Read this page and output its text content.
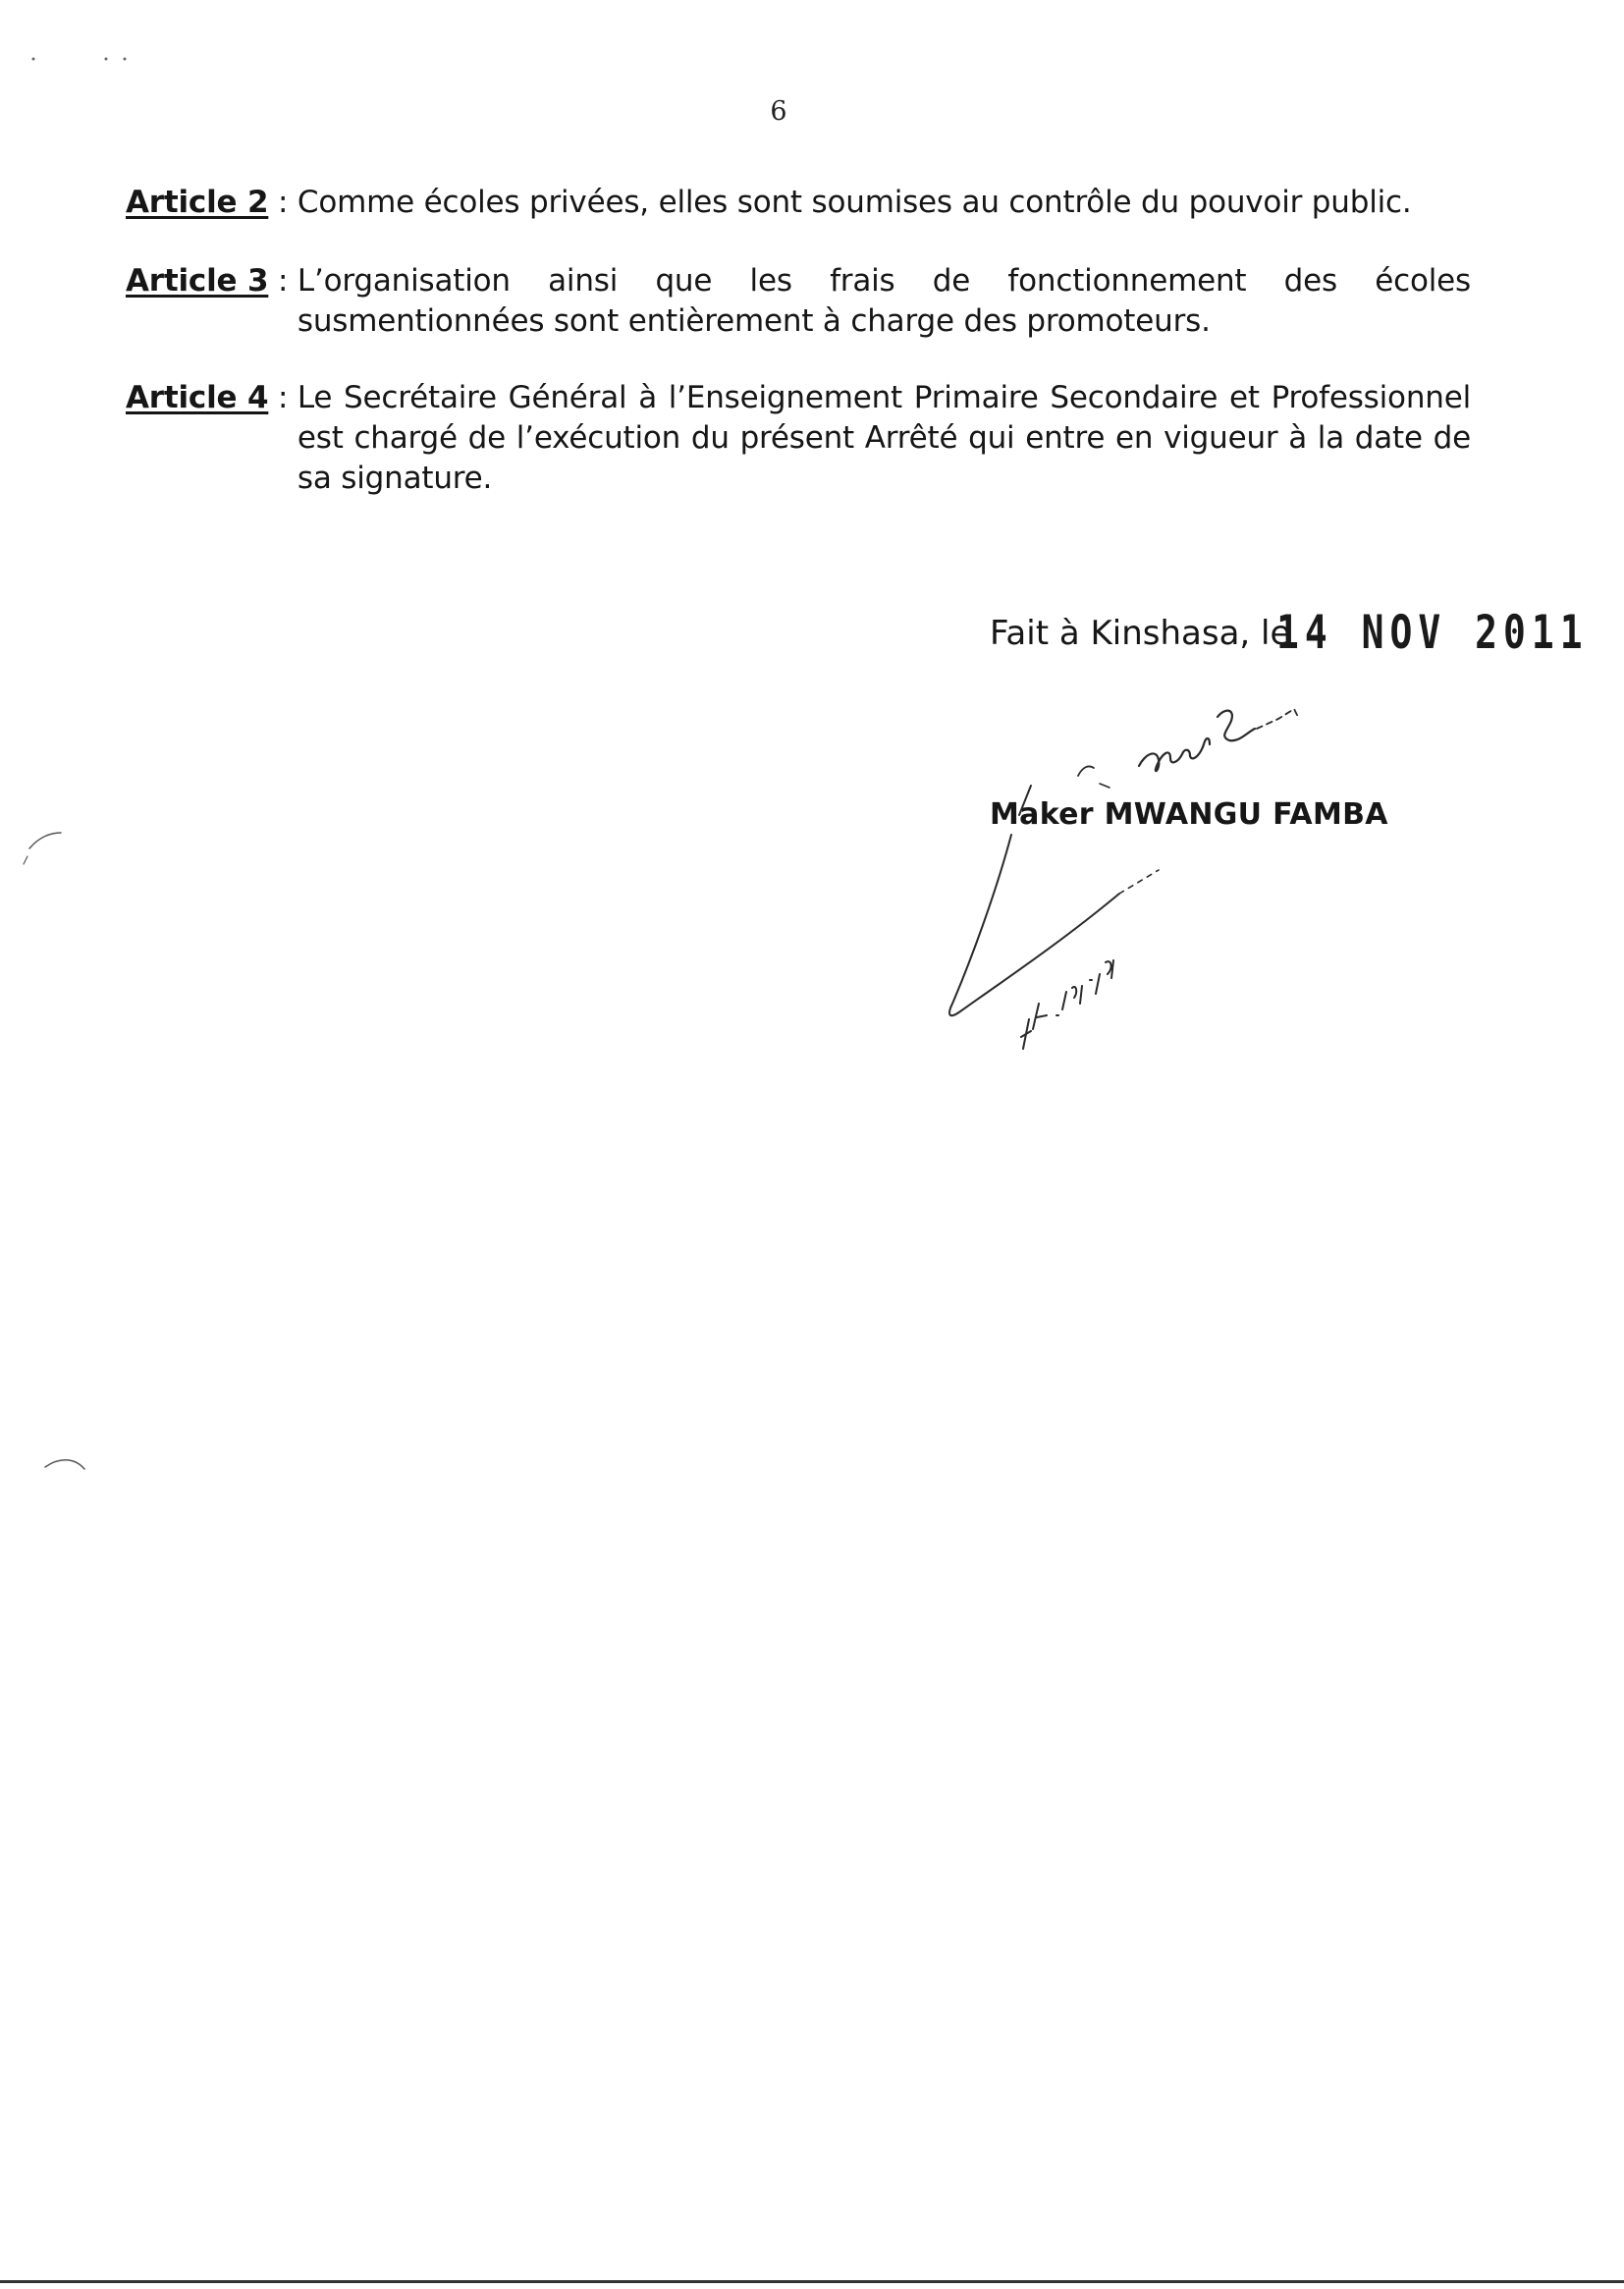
6
Article 2 : Comme écoles privées, elles sont soumises au contrôle du pouvoir public.
Article 3 : L’organisation ainsi que les frais de fonctionnement des écoles susmentionnées sont entièrement à charge des promoteurs.
Article 4 : Le Secrétaire Général à l’Enseignement Primaire Secondaire et Professionnel est chargé de l’exécution du présent Arrêté qui entre en vigueur à la date de sa signature.
Fait à Kinshasa, le
14 NOV 2011
Maker MWANGU FAMBA
